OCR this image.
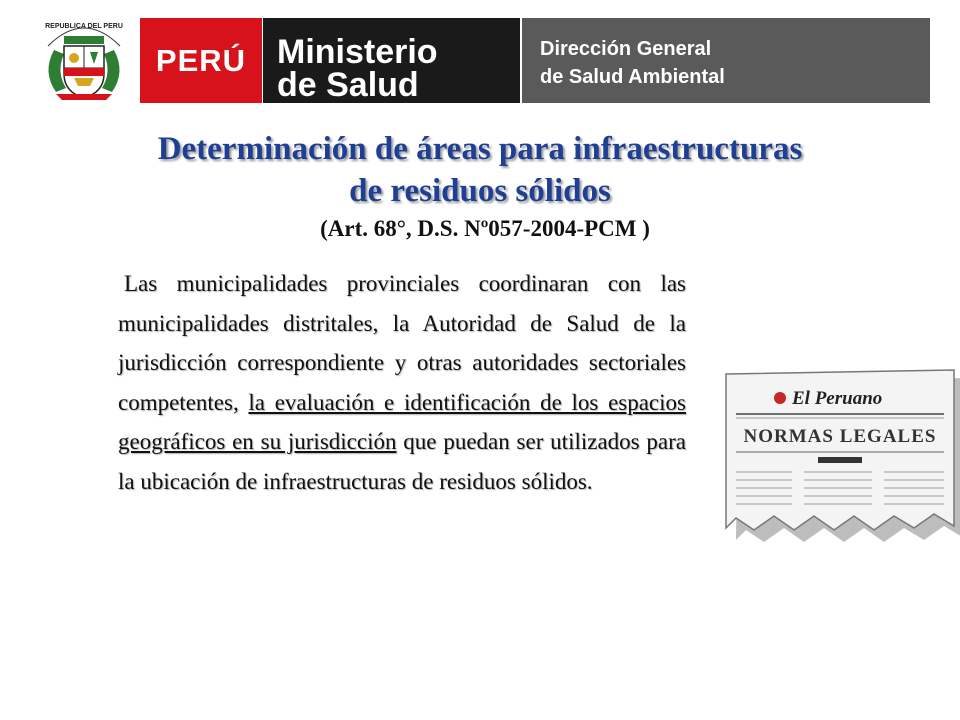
REPUBLICA DEL PERU
PERÚ Ministerio
de Salud
Dirección General
de Salud Ambiental
Determinación de áreas para infraestructuras
de residuos sólidos
(Art. 68°, D.S. Nº057-2004-PCM )
Las municipalidades provinciales coordinaran con las municipalidades distritales, la Autoridad de Salud de la jurisdicción correspondiente y otras autoridades sectoriales competentes, la evaluación e identificación de los espacios geográficos en su jurisdicción que puedan ser utilizados para la ubicación de infraestructuras de residuos sólidos.
El Peruano
NORMAS LEGALES
